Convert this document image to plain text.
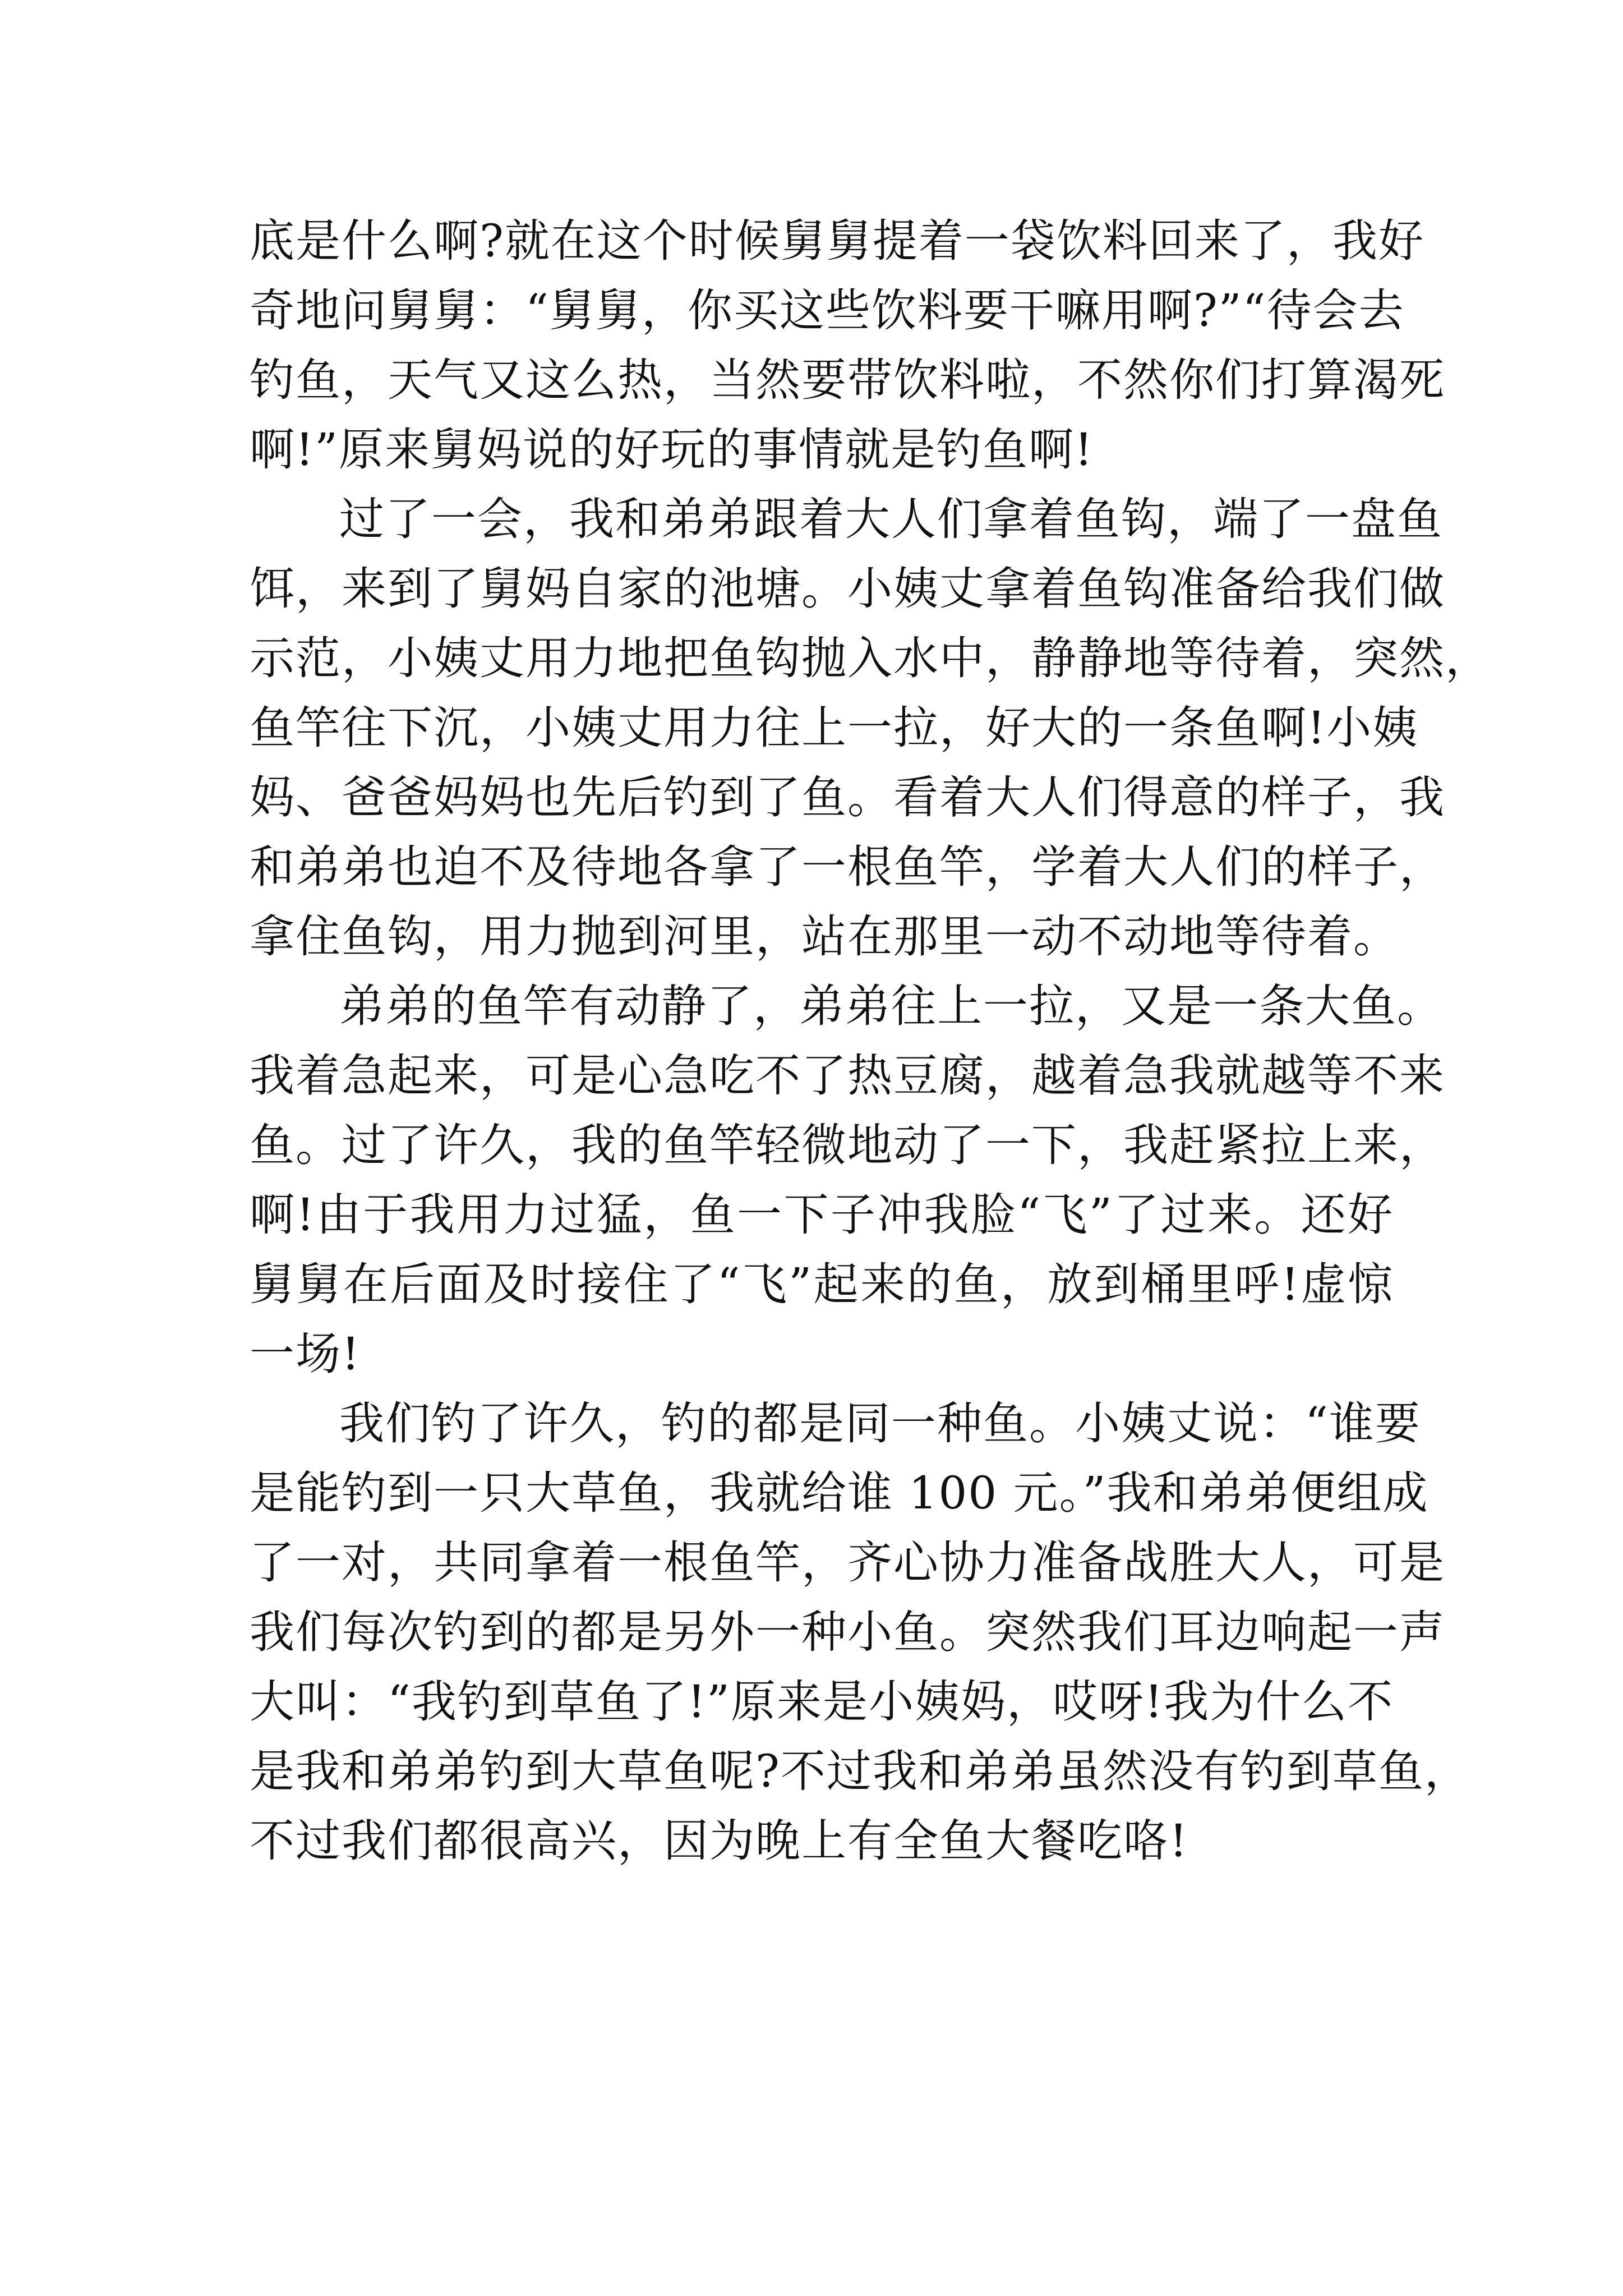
底是什么啊?就在这个时候舅舅提着一袋饮料回来了，我好
奇地问舅舅：“舅舅，你买这些饮料要干嘛用啊?”“待会去
钓鱼，天气又这么热，当然要带饮料啦，不然你们打算渴死
啊!”原来舅妈说的好玩的事情就是钓鱼啊!
过了一会，我和弟弟跟着大人们拿着鱼钩，端了一盘鱼
饵，来到了舅妈自家的池塘。小姨丈拿着鱼钩准备给我们做
示范，小姨丈用力地把鱼钩抛入水中，静静地等待着，突然，
鱼竿往下沉，小姨丈用力往上一拉，好大的一条鱼啊!小姨
妈、爸爸妈妈也先后钓到了鱼。看着大人们得意的样子，我
和弟弟也迫不及待地各拿了一根鱼竿，学着大人们的样子，
拿住鱼钩，用力抛到河里，站在那里一动不动地等待着。
弟弟的鱼竿有动静了，弟弟往上一拉，又是一条大鱼。
我着急起来，可是心急吃不了热豆腐，越着急我就越等不来
鱼。过了许久，我的鱼竿轻微地动了一下，我赶紧拉上来，
啊!由于我用力过猛，鱼一下子冲我脸“飞”了过来。还好
舅舅在后面及时接住了“飞”起来的鱼，放到桶里呼!虚惊
一场!
我们钓了许久，钓的都是同一种鱼。小姨丈说：“谁要
是能钓到一只大草鱼，我就给谁 100 元。”我和弟弟便组成
了一对，共同拿着一根鱼竿，齐心协力准备战胜大人，可是
我们每次钓到的都是另外一种小鱼。突然我们耳边响起一声
大叫：“我钓到草鱼了!”原来是小姨妈，哎呀!我为什么不
是我和弟弟钓到大草鱼呢?不过我和弟弟虽然没有钓到草鱼，
不过我们都很高兴，因为晚上有全鱼大餐吃咯!
